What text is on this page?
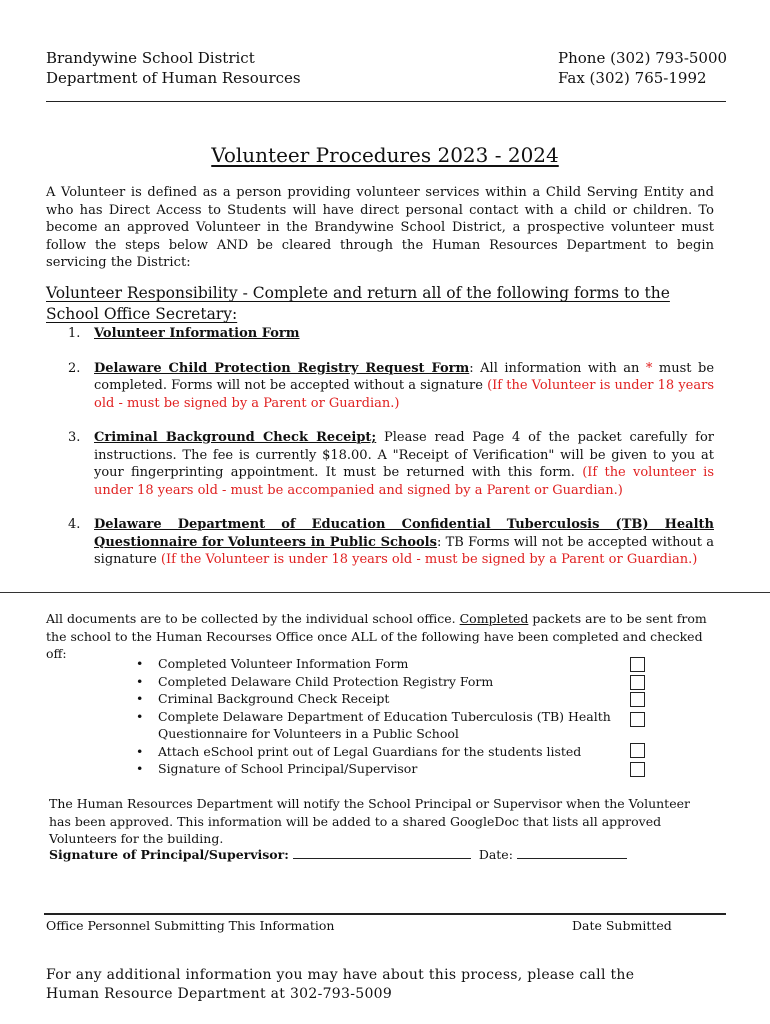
Brandywine School District
Department of Human Resources
Phone (302) 793-5000
Fax (302) 765-1992
Volunteer Procedures 2023 - 2024
A Volunteer is defined as a person providing volunteer services within a Child Serving Entity and who has Direct Access to Students will have direct personal contact with a child or children. To become an approved Volunteer in the Brandywine School District, a prospective volunteer must follow the steps below AND be cleared through the Human Resources Department to begin servicing the District:
Volunteer Responsibility - Complete and return all of the following forms to the School Office Secretary:
1.	Volunteer Information Form
2.	Delaware Child Protection Registry Request Form: All information with an * must be completed. Forms will not be accepted without a signature (If the Volunteer is under 18 years old - must be signed by a Parent or Guardian.)
3.	Criminal Background Check Receipt; Please read Page 4 of the packet carefully for instructions. The fee is currently $18.00. A "Receipt of Verification" will be given to you at your fingerprinting appointment. It must be returned with this form. (If the volunteer is under 18 years old - must be accompanied and signed by a Parent or Guardian.)
4.	Delaware Department of Education Confidential Tuberculosis (TB) Health Questionnaire for Volunteers in Public Schools: TB Forms will not be accepted without a signature (If the Volunteer is under 18 years old - must be signed by a Parent or Guardian.)
All documents are to be collected by the individual school office. Completed packets are to be sent from the school to the Human Recourses Office once ALL of the following have been completed and checked off:
• Completed Volunteer Information Form
• Completed Delaware Child Protection Registry Form
• Criminal Background Check Receipt
• Complete Delaware Department of Education Tuberculosis (TB) Health Questionnaire for Volunteers in a Public School
• Attach eSchool print out of Legal Guardians for the students listed
• Signature of School Principal/Supervisor
The Human Resources Department will notify the School Principal or Supervisor when the Volunteer has been approved. This information will be added to a shared GoogleDoc that lists all approved Volunteers for the building.
Signature of Principal/Supervisor:	Date:
Office Personnel Submitting This Information	Date Submitted
For any additional information you may have about this process, please call the Human Resource Department at 302-793-5009
